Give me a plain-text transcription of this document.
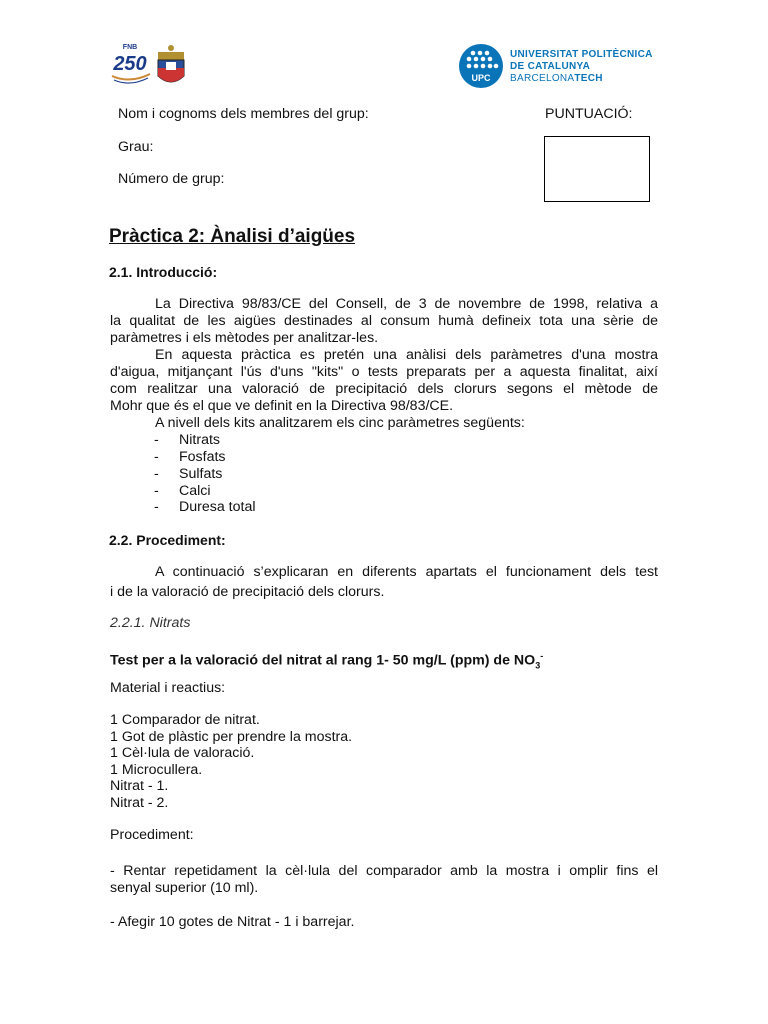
FNB
250
UPC
UNIVERSITAT POLITÈCNICA
DE CATALUNYA
BARCELONATECH
Nom i cognoms dels membres del grup:	PUNTUACIÓ:
Grau:
Número de grup:
Pràctica 2: Ànalisi d’aigües
2.1. Introducció:
La Directiva 98/83/CE del Consell, de 3 de novembre de 1998, relativa a
la qualitat de les aigües destinades al consum humà defineix tota una sèrie de
paràmetres i els mètodes per analitzar-les.
En aquesta pràctica es pretén una anàlisi dels paràmetres d'una mostra
d'aigua, mitjançant l'ús d'uns "kits" o tests preparats per a aquesta finalitat, així
com realitzar una valoració de precipitació dels clorurs segons el mètode de
Mohr que és el que ve definit en la Directiva 98/83/CE.
A nivell dels kits analitzarem els cinc paràmetres següents:
- Nitrats
- Fosfats
- Sulfats
- Calci
- Duresa total
2.2. Procediment:
A continuació s’explicaran en diferents apartats el funcionament dels test
i de la valoració de precipitació dels clorurs.
2.2.1. Nitrats
Test per a la valoració del nitrat al rang 1- 50 mg/L (ppm) de $NO_3^-$
Material i reactius:
1 Comparador de nitrat.
1 Got de plàstic per prendre la mostra.
1 Cèl·lula de valoració.
1 Microcullera.
Nitrat - 1.
Nitrat - 2.
Procediment:
- Rentar repetidament la cèl·lula del comparador amb la mostra i omplir fins el
senyal superior (10 ml).
- Afegir 10 gotes de Nitrat - 1 i barrejar.
